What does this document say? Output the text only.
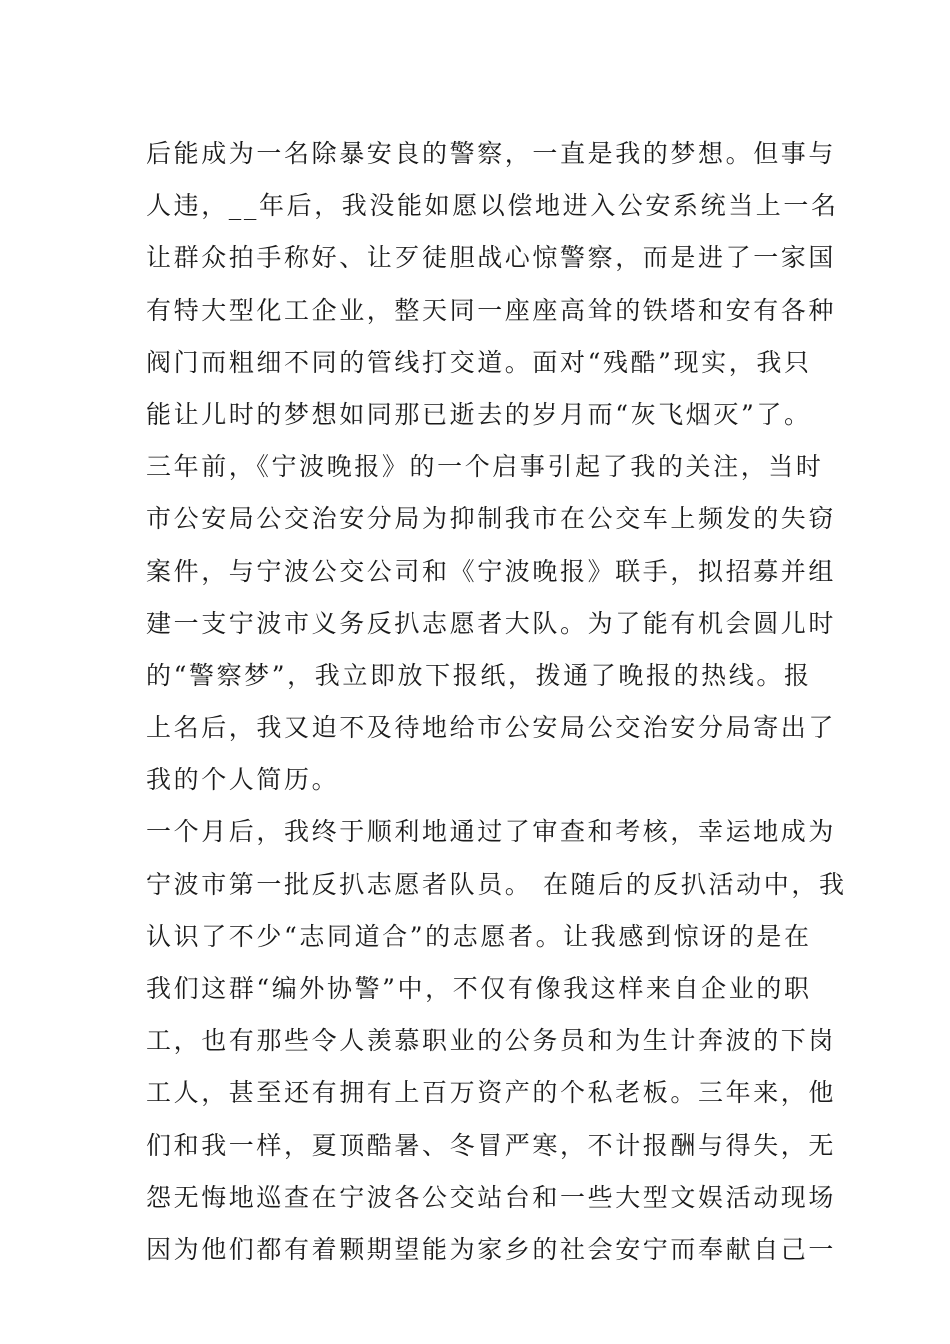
后能成为一名除暴安良的警察，一直是我的梦想。但事与
人违，__年后，我没能如愿以偿地进入公安系统当上一名
让群众拍手称好、让歹徒胆战心惊警察，而是进了一家国
有特大型化工企业，整天同一座座高耸的铁塔和安有各种
阀门而粗细不同的管线打交道。面对“残酷”现实，我只
能让儿时的梦想如同那已逝去的岁月而“灰飞烟灭”了。
三年前，《宁波晚报》的一个启事引起了我的关注，当时
市公安局公交治安分局为抑制我市在公交车上频发的失窃
案件，与宁波公交公司和《宁波晚报》联手，拟招募并组
建一支宁波市义务反扒志愿者大队。为了能有机会圆儿时
的“警察梦”，我立即放下报纸，拨通了晚报的热线。报
上名后，我又迫不及待地给市公安局公交治安分局寄出了
我的个人简历。
一个月后，我终于顺利地通过了审查和考核，幸运地成为
宁波市第一批反扒志愿者队员。 在随后的反扒活动中，我
认识了不少“志同道合”的志愿者。让我感到惊讶的是在
我们这群“编外协警”中，不仅有像我这样来自企业的职
工，也有那些令人羡慕职业的公务员和为生计奔波的下岗
工人，甚至还有拥有上百万资产的个私老板。三年来，他
们和我一样，夏顶酷暑、冬冒严寒，不计报酬与得失，无
怨无悔地巡查在宁波各公交站台和一些大型文娱活动现场
因为他们都有着颗期望能为家乡的社会安宁而奉献自己一
